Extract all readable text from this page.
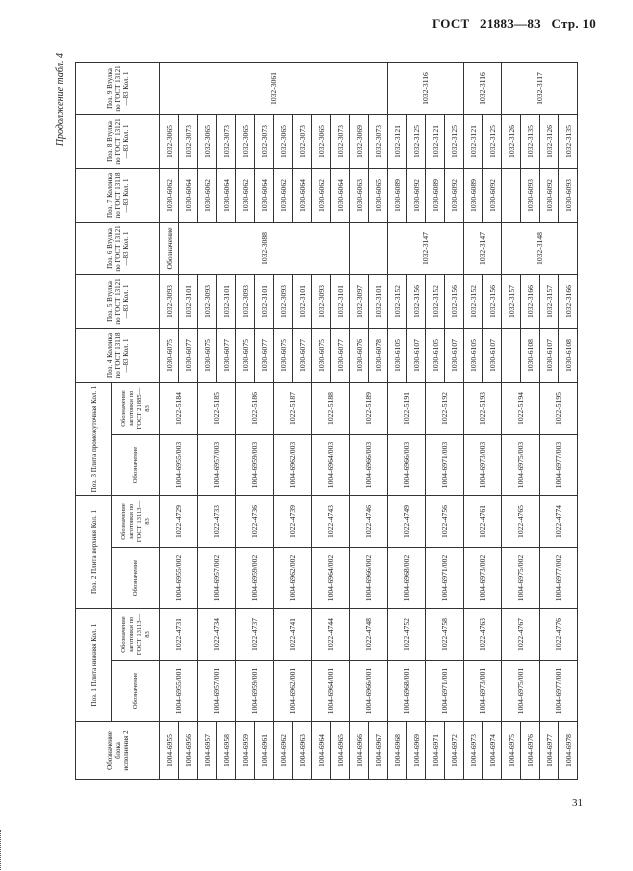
ГОСТ 21883—83 Стр. 10
Продолжение табл. 4
Обозначение блока исполнения 2	Поз. 1 Плита нижняя Кол. 1		Поз. 2 Плита верхняя Кол. 1		Поз. 3 Плита промежуточная Кол. 1		Поз. 4 Колонка по ГОСТ 13118—83 Кол. 1	Поз. 5 Втулка по ГОСТ 13121—83 Кол. 1	Поз. 6 Втулка по ГОСТ 13121—83 Кол. 1	Поз. 7 Колонка по ГОСТ 13118—83 Кол. 1	Поз. 8 Втулка по ГОСТ 13121—83 Кол. 1	Поз. 9 Втулка по ГОСТ 13121—83 Кол. 1
	Обозначение	Обозначение заготовки по ГОСТ 13113—83	Обозначение	Обозначение заготовки по ГОСТ 13113—83	Обозначение	Обозначение заготовки по ГОСТ 21885—83						
1004-6955	1004-6955/001	1022-4731	1004-6955/002	1022-4729	1004-6955/003	1022-5184	1030-6075	1032-3093	Обозначение	1030-6062	1032-3065	1032-3061
1004-6956							1030-6077	1032-3101	1032-3088	1030-6064	1032-3073	
1004-6957	1004-6957/001	1022-4734	1004-6957/002	1022-4733	1004-6957/003	1022-5185	1030-6075	1032-3093		1030-6062	1032-3065	
1004-6958							1030-6077	1032-3101		1030-6064	1032-3073	
1004-6959	1004-6959/001	1022-4737	1004-6959/002	1022-4736	1004-6959/003	1022-5186	1030-6075	1032-3093		1030-6062	1032-3065	
1004-6961							1030-6077	1032-3101		1030-6064	1032-3073	
1004-6962	1004-6962/001	1022-4741	1004-6962/002	1022-4739	1004-6962/003	1022-5187	1030-6075	1032-3093		1030-6062	1032-3065	
1004-6963							1030-6077	1032-3101		1030-6064	1032-3073	
1004-6964	1004-6964/001	1022-4744	1004-6964/002	1022-4743	1004-6964/003	1022-5188	1030-6075	1032-3093		1030-6062	1032-3065	
1004-6965							1030-6077	1032-3101		1030-6064	1032-3073	
1004-6966	1004-6966/001	1022-4748	1004-6966/002	1022-4746	1004-6966/003	1022-5189	1030-6076	1032-3097		1030-6063	1032-3069	
1004-6967							1030-6078	1032-3101		1030-6065	1032-3073	
1004-6968	1004-6968/001	1022-4752	1004-6968/002	1022-4749	1004-6966/003	1022-5191	1030-6105	1032-3152	1032-3147	1030-6089	1032-3121	1032-3116
1004-6969							1030-6107	1032-3156		1030-6092	1032-3125	
1004-6971	1004-6971/001	1022-4758	1004-6971/002	1022-4756	1004-6971/003	1022-5192	1030-6105	1032-3152		1030-6089	1032-3121	
1004-6972							1030-6107	1032-3156		1030-6092	1032-3125	
1004-6973	1004-6973/001	1022-4763	1004-6973/002	1022-4761	1004-6973/003	1022-5193	1030-6105	1032-3152	1032-3147	1030-6089	1032-3121	1032-3116
1004-6974							1030-6107	1032-3156		1030-6092	1032-3125	
1004-6975	1004-6975/001	1022-4767	1004-6975/002	1022-4765	1004-6975/003	1022-5194		1032-3157	1032-3148		1032-3126	1032-3117
1004-6976							1030-6108	1032-3166		1030-6093	1032-3135	
1004-6977	1004-6977/001	1022-4776	1004-6977/002	1022-4774	1004-6977/003	1022-5195	1030-6107	1032-3157		1030-6092	1032-3126	
1004-6978							1030-6108	1032-3166		1030-6093	1032-3135	
31
